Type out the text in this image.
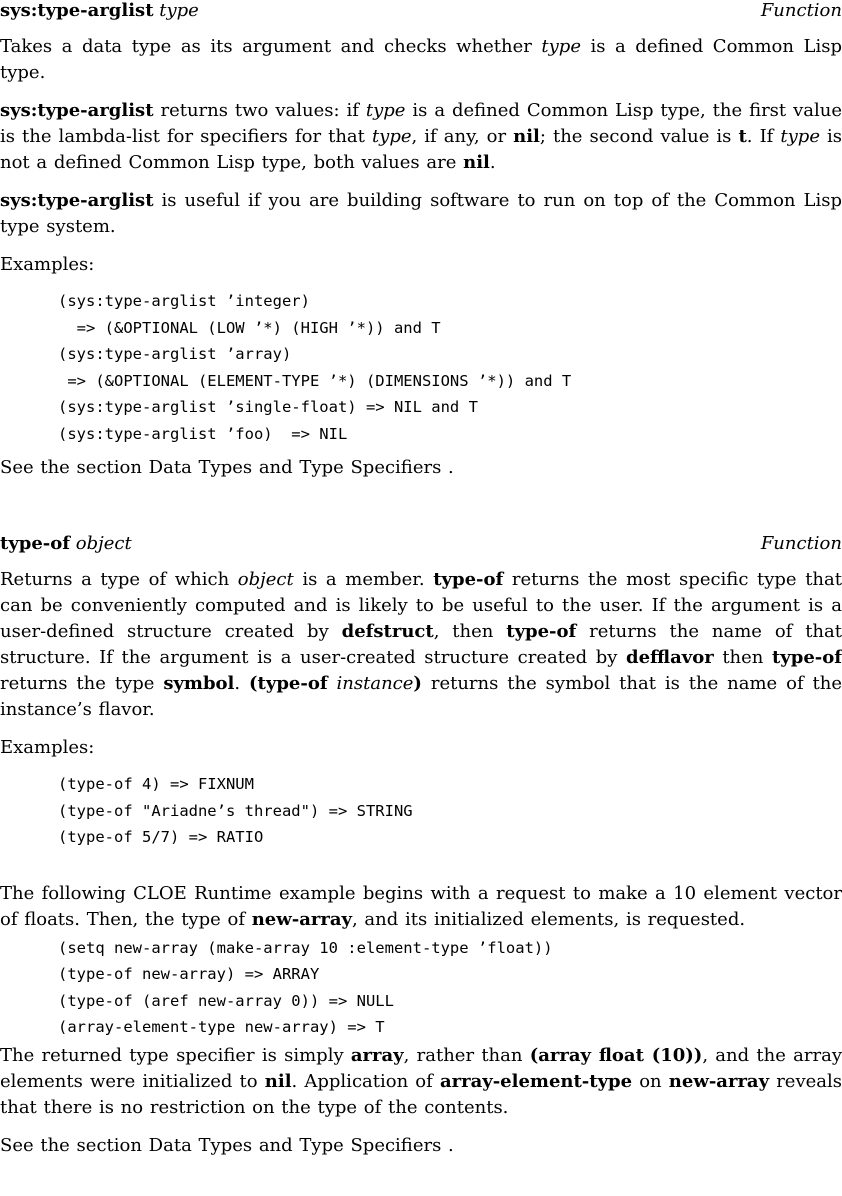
sys:type-arglist type	Function

Takes a data type as its argument and checks whether type is a defined Common Lisp type.

sys:type-arglist returns two values: if type is a defined Common Lisp type, the first value is the lambda-list for specifiers for that type, if any, or nil; the second value is t. If type is not a defined Common Lisp type, both values are nil.

sys:type-arglist is useful if you are building software to run on top of the Common Lisp type system.

Examples:

(sys:type-arglist ’integer)
=> (&OPTIONAL (LOW ’*) (HIGH ’*)) and T
(sys:type-arglist ’array)
=> (&OPTIONAL (ELEMENT-TYPE ’*) (DIMENSIONS ’*)) and T
(sys:type-arglist ’single-float) => NIL and T
(sys:type-arglist ’foo)  => NIL

See the section Data Types and Type Specifiers .

type-of object	Function

Returns a type of which object is a member. type-of returns the most specific type that can be conveniently computed and is likely to be useful to the user. If the argument is a user-defined structure created by defstruct, then type-of returns the name of that structure. If the argument is a user-created structure created by defflavor then type-of returns the type symbol. (type-of instance) returns the symbol that is the name of the instance’s flavor.

Examples:

(type-of 4) => FIXNUM
(type-of "Ariadne’s thread") => STRING
(type-of 5/7) => RATIO

The following CLOE Runtime example begins with a request to make a 10 element vector of floats. Then, the type of new-array, and its initialized elements, is requested.

(setq new-array (make-array 10 :element-type ’float))
(type-of new-array) => ARRAY
(type-of (aref new-array 0)) => NULL
(array-element-type new-array) => T

The returned type specifier is simply array, rather than (array float (10)), and the array elements were initialized to nil. Application of array-element-type on new-array reveals that there is no restriction on the type of the contents.

See the section Data Types and Type Specifiers .
